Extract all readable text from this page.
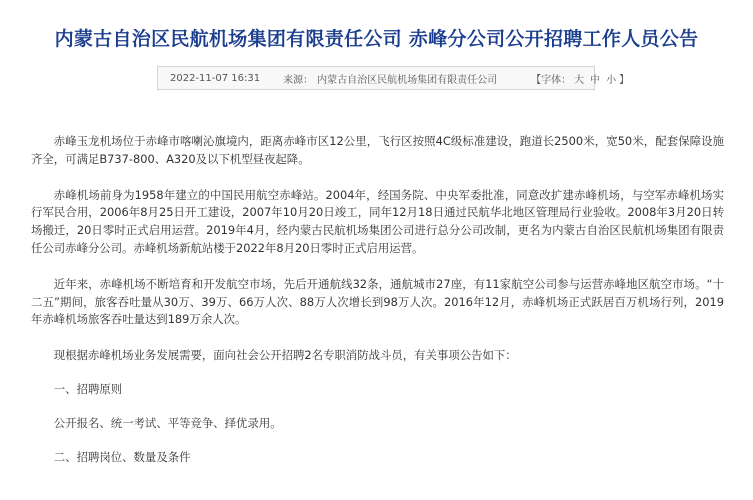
内蒙古自治区民航机场集团有限责任公司 赤峰分公司公开招聘工作人员公告
2022-11-07 16:31 来源： 内蒙古自治区民航机场集团有限责任公司	【 字体： 大 中 小 】

赤峰玉龙机场位于赤峰市喀喇沁旗境内，距离赤峰市区12公里，飞行区按照4C级标准建设，跑道长2500米，宽50米，配套保障设施齐全，可满足B737-800、A320及以下机型昼夜起降。

赤峰机场前身为1958年建立的中国民用航空赤峰站。2004年，经国务院、中央军委批准，同意改扩建赤峰机场，与空军赤峰机场实行军民合用，2006年8月25日开工建设，2007年10月20日竣工，同年12月18日通过民航华北地区管理局行业验收。2008年3月20日转场搬迁，20日零时正式启用运营。2019年4月，经内蒙古民航机场集团公司进行总分公司改制，更名为内蒙古自治区民航机场集团有限责任公司赤峰分公司。赤峰机场新航站楼于2022年8月20日零时正式启用运营。

近年来，赤峰机场不断培育和开发航空市场，先后开通航线32条，通航城市27座，有11家航空公司参与运营赤峰地区航空市场。“十二五”期间，旅客吞吐量从30万、39万、66万人次、88万人次增长到98万人次。2016年12月，赤峰机场正式跃居百万机场行列，2019年赤峰机场旅客吞吐量达到189万余人次。

现根据赤峰机场业务发展需要，面向社会公开招聘2名专职消防战斗员，有关事项公告如下：

一、招聘原则

公开报名、统一考试、平等竞争、择优录用。

二、招聘岗位、数量及条件
